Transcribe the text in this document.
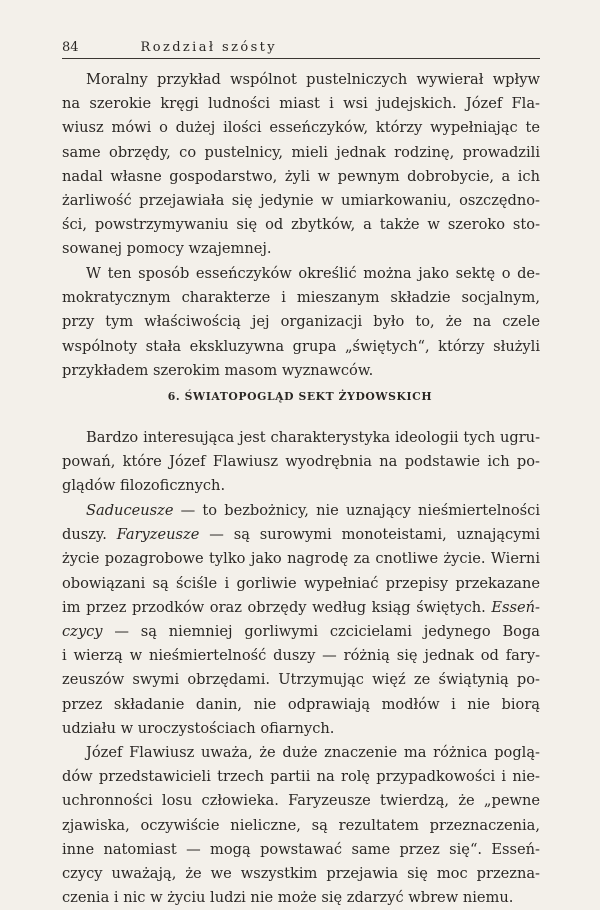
84	Rozdział szósty
Moralny przykład wspólnot pustelniczych wywierał wpływ
na szerokie kręgi ludności miast i wsi judejskich. Józef Fla-
wiusz mówi o dużej ilości esseńczyków, którzy wypełniając te
same obrzędy, co pustelnicy, mieli jednak rodzinę, prowadzili
nadal własne gospodarstwo, żyli w pewnym dobrobycie, a ich
żarliwość przejawiała się jedynie w umiarkowaniu, oszczędno-
ści, powstrzymywaniu się od zbytków, a także w szeroko sto-
sowanej pomocy wzajemnej.
W ten sposób esseńczyków określić można jako sektę o de-
mokratycznym charakterze i mieszanym składzie socjalnym,
przy tym właściwością jej organizacji było to, że na czele
wspólnoty stała ekskluzywna grupa „świętych“, którzy służyli
przykładem szerokim masom wyznawców.
6. ŚWIATOPOGLĄD SEKT ŻYDOWSKICH
Bardzo interesująca jest charakterystyka ideologii tych ugru-
powań, które Józef Flawiusz wyodrębnia na podstawie ich po-
glądów filozoficznych.
Saduceusze — to bezbożnicy, nie uznający nieśmiertelności
duszy. Faryzeusze — są surowymi monoteistami, uznającymi
życie pozagrobowe tylko jako nagrodę za cnotliwe życie. Wierni
obowiązani są ściśle i gorliwie wypełniać przepisy przekazane
im przez przodków oraz obrzędy według ksiąg świętych. Esseń-
czycy — są niemniej gorliwymi czcicielami jedynego Boga
i wierzą w nieśmiertelność duszy — różnią się jednak od fary-
zeuszów swymi obrzędami. Utrzymując więź ze świątynią po-
przez składanie danin, nie odprawiają modłów i nie biorą
udziału w uroczystościach ofiarnych.
Józef Flawiusz uważa, że duże znaczenie ma różnica poglą-
dów przedstawicieli trzech partii na rolę przypadkowości i nie-
uchronności losu człowieka. Faryzeusze twierdzą, że „pewne
zjawiska, oczywiście nieliczne, są rezultatem przeznaczenia,
inne natomiast — mogą powstawać same przez się“. Esseń-
czycy uważają, że we wszystkim przejawia się moc przezna-
czenia i nic w życiu ludzi nie może się zdarzyć wbrew niemu.
